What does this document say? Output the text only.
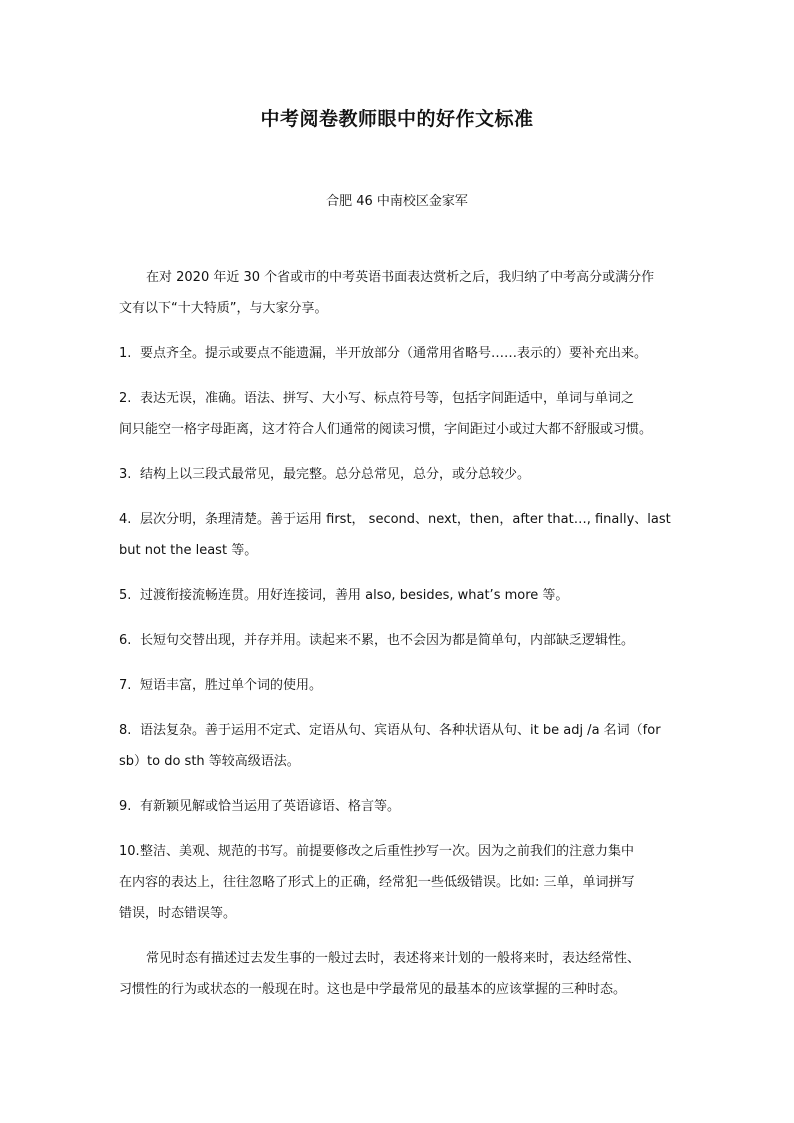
中考阅卷教师眼中的好作文标准
合肥 46 中南校区金家军
在对 2020 年近 30 个省或市的中考英语书面表达赏析之后，我归纳了中考高分或满分作
文有以下“十大特质”，与大家分享。
1. 要点齐全。提示或要点不能遗漏，半开放部分（通常用省略号……表示的）要补充出来。
2. 表达无误，准确。语法、拼写、大小写、标点符号等，包括字间距适中，单词与单词之
间只能空一格字母距离，这才符合人们通常的阅读习惯，字间距过小或过大都不舒服或习惯。
3. 结构上以三段式最常见，最完整。总分总常见，总分，或分总较少。
4. 层次分明，条理清楚。善于运用 first， second、next，then，after that…, finally、last
but not the least 等。
5. 过渡衔接流畅连贯。用好连接词，善用 also, besides, what’s more 等。
6. 长短句交替出现，并存并用。读起来不累，也不会因为都是简单句，内部缺乏逻辑性。
7. 短语丰富，胜过单个词的使用。
8. 语法复杂。善于运用不定式、定语从句、宾语从句、各种状语从句、it be adj /a 名词（for
sb）to do sth 等较高级语法。
9. 有新颖见解或恰当运用了英语谚语、格言等。
10.整洁、美观、规范的书写。前提要修改之后重性抄写一次。因为之前我们的注意力集中
在内容的表达上，往往忽略了形式上的正确，经常犯一些低级错误。比如: 三单，单词拼写
错误，时态错误等。
常见时态有描述过去发生事的一般过去时，表述将来计划的一般将来时，表达经常性、
习惯性的行为或状态的一般现在时。这也是中学最常见的最基本的应该掌握的三种时态。
